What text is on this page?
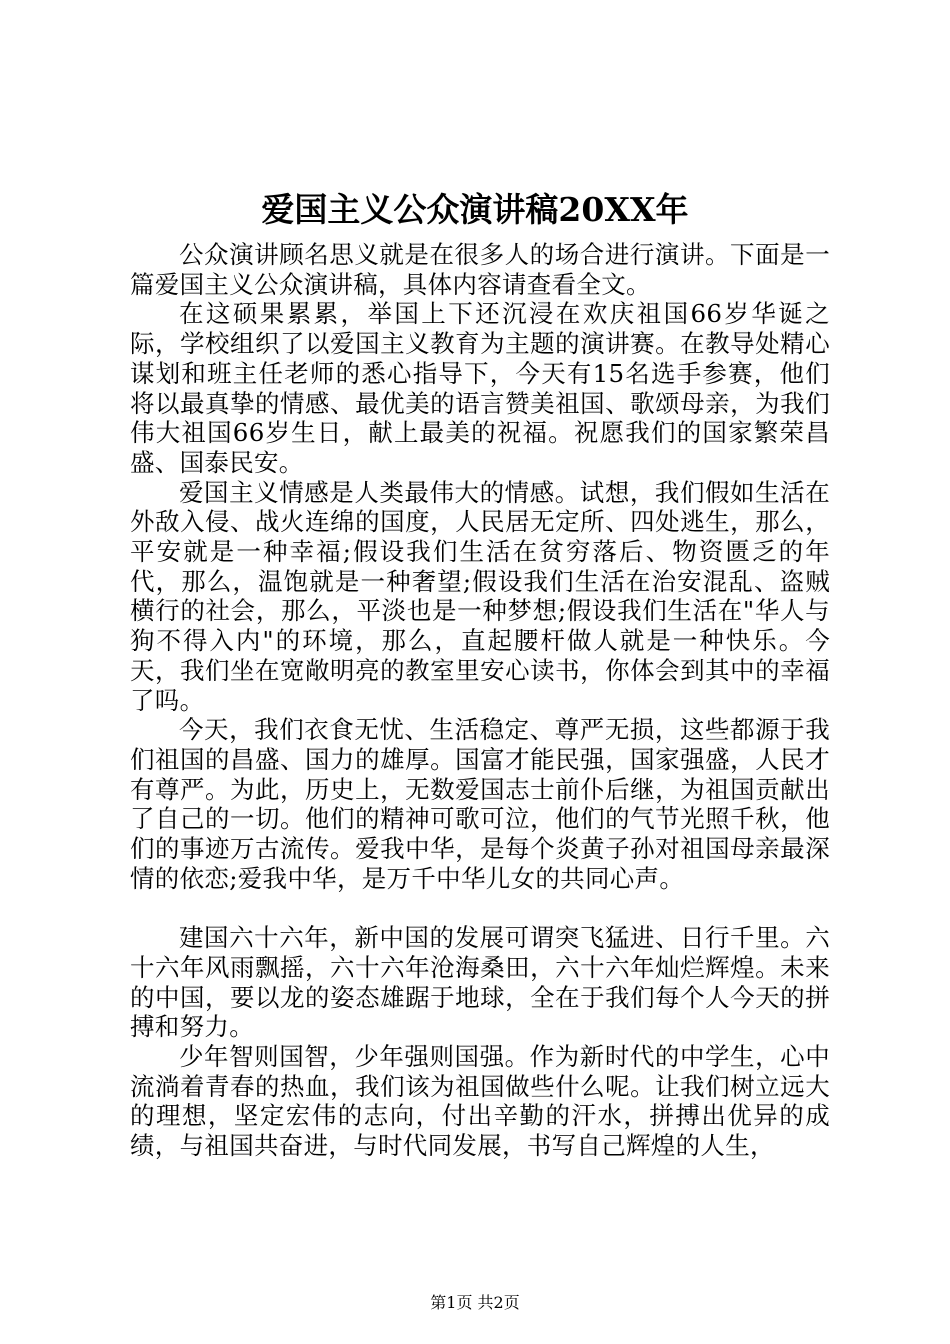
爱国主义公众演讲稿20XX年

公众演讲顾名思义就是在很多人的场合进行演讲。下面是一篇爱国主义公众演讲稿，具体内容请查看全文。

在这硕果累累，举国上下还沉浸在欢庆祖国66岁华诞之际，学校组织了以爱国主义教育为主题的演讲赛。在教导处精心谋划和班主任老师的悉心指导下，今天有15名选手参赛，他们将以最真挚的情感、最优美的语言赞美祖国、歌颂母亲，为我们伟大祖国66岁生日，献上最美的祝福。祝愿我们的国家繁荣昌盛、国泰民安。

爱国主义情感是人类最伟大的情感。试想，我们假如生活在外敌入侵、战火连绵的国度，人民居无定所、四处逃生，那么，平安就是一种幸福;假设我们生活在贫穷落后、物资匮乏的年代，那么，温饱就是一种奢望;假设我们生活在治安混乱、盗贼横行的社会，那么，平淡也是一种梦想;假设我们生活在"华人与狗不得入内"的环境，那么，直起腰杆做人就是一种快乐。今天，我们坐在宽敞明亮的教室里安心读书，你体会到其中的幸福了吗。

今天，我们衣食无忧、生活稳定、尊严无损，这些都源于我们祖国的昌盛、国力的雄厚。国富才能民强，国家强盛，人民才有尊严。为此，历史上，无数爱国志士前仆后继，为祖国贡献出了自己的一切。他们的精神可歌可泣，他们的气节光照千秋，他们的事迹万古流传。爱我中华，是每个炎黄子孙对祖国母亲最深情的依恋;爱我中华，是万千中华儿女的共同心声。

建国六十六年，新中国的发展可谓突飞猛进、日行千里。六十六年风雨飘摇，六十六年沧海桑田，六十六年灿烂辉煌。未来的中国，要以龙的姿态雄踞于地球，全在于我们每个人今天的拼搏和努力。

少年智则国智，少年强则国强。作为新时代的中学生，心中流淌着青春的热血，我们该为祖国做些什么呢。让我们树立远大的理想，坚定宏伟的志向，付出辛勤的汗水，拼搏出优异的成绩，与祖国共奋进，与时代同发展，书写自己辉煌的人生，

第1页 共2页
